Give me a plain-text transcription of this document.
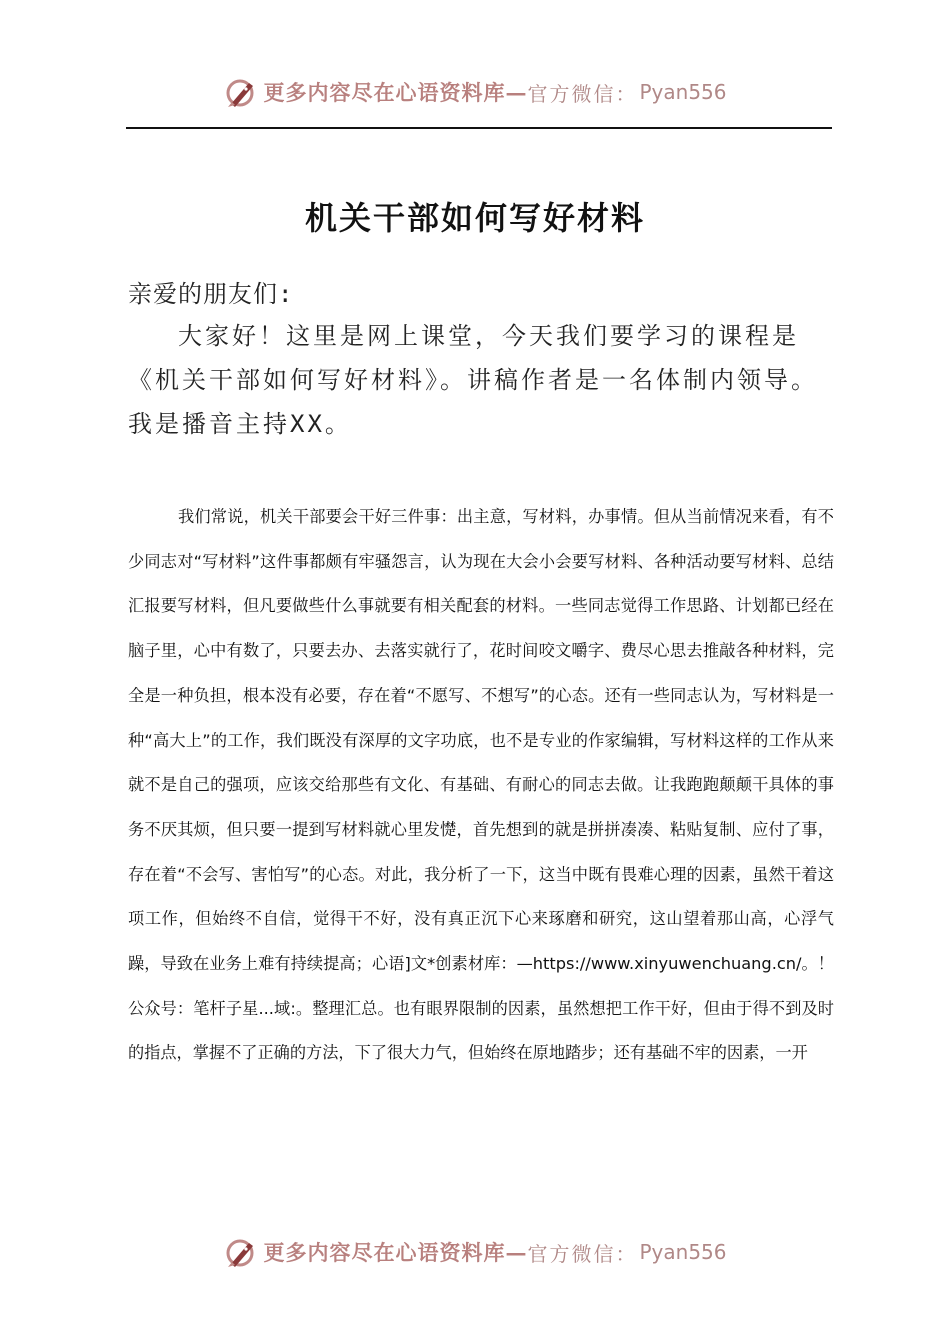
更多内容尽在心语资料库— 官方微信： Pyan556
机关干部如何写好材料
亲爱的朋友们:

大家好！这里是网上课堂，今天我们要学习的课程是《机关干部如何写好材料》。讲稿作者是一名体制内领导。我是播音主持XX。

我们常说，机关干部要会干好三件事：出主意，写材料，办事情。但从当前情况来看，有不少同志对“写材料”这件事都颇有牢骚怨言，认为现在大会小会要写材料、各种活动要写材料、总结汇报要写材料，但凡要做些什么事就要有相关配套的材料。一些同志觉得工作思路、计划都已经在脑子里，心中有数了，只要去办、去落实就行了，花时间咬文嚼字、费尽心思去推敲各种材料，完全是一种负担，根本没有必要，存在着“不愿写、不想写”的心态。还有一些同志认为，写材料是一种“高大上”的工作，我们既没有深厚的文字功底，也不是专业的作家编辑，写材料这样的工作从来就不是自己的强项，应该交给那些有文化、有基础、有耐心的同志去做。让我跑跑颠颠干具体的事务不厌其烦，但只要一提到写材料就心里发憷，首先想到的就是拼拼凑凑、粘贴复制、应付了事，存在着“不会写、害怕写”的心态。对此，我分析了一下，这当中既有畏难心理的因素，虽然干着这项工作，但始终不自信，觉得干不好，没有真正沉下心来琢磨和研究，这山望着那山高，心浮气躁，导致在业务上难有持续提高；心语]文*创素材库：—https://www.xinyuwenchuang.cn/。！公众号：笔杆子星...域:。整理汇总。也有眼界限制的因素，虽然想把工作干好，但由于得不到及时的指点，掌握不了正确的方法，下了很大力气，但始终在原地踏步；还有基础不牢的因素，一开

更多内容尽在心语资料库— 官方微信： Pyan556
